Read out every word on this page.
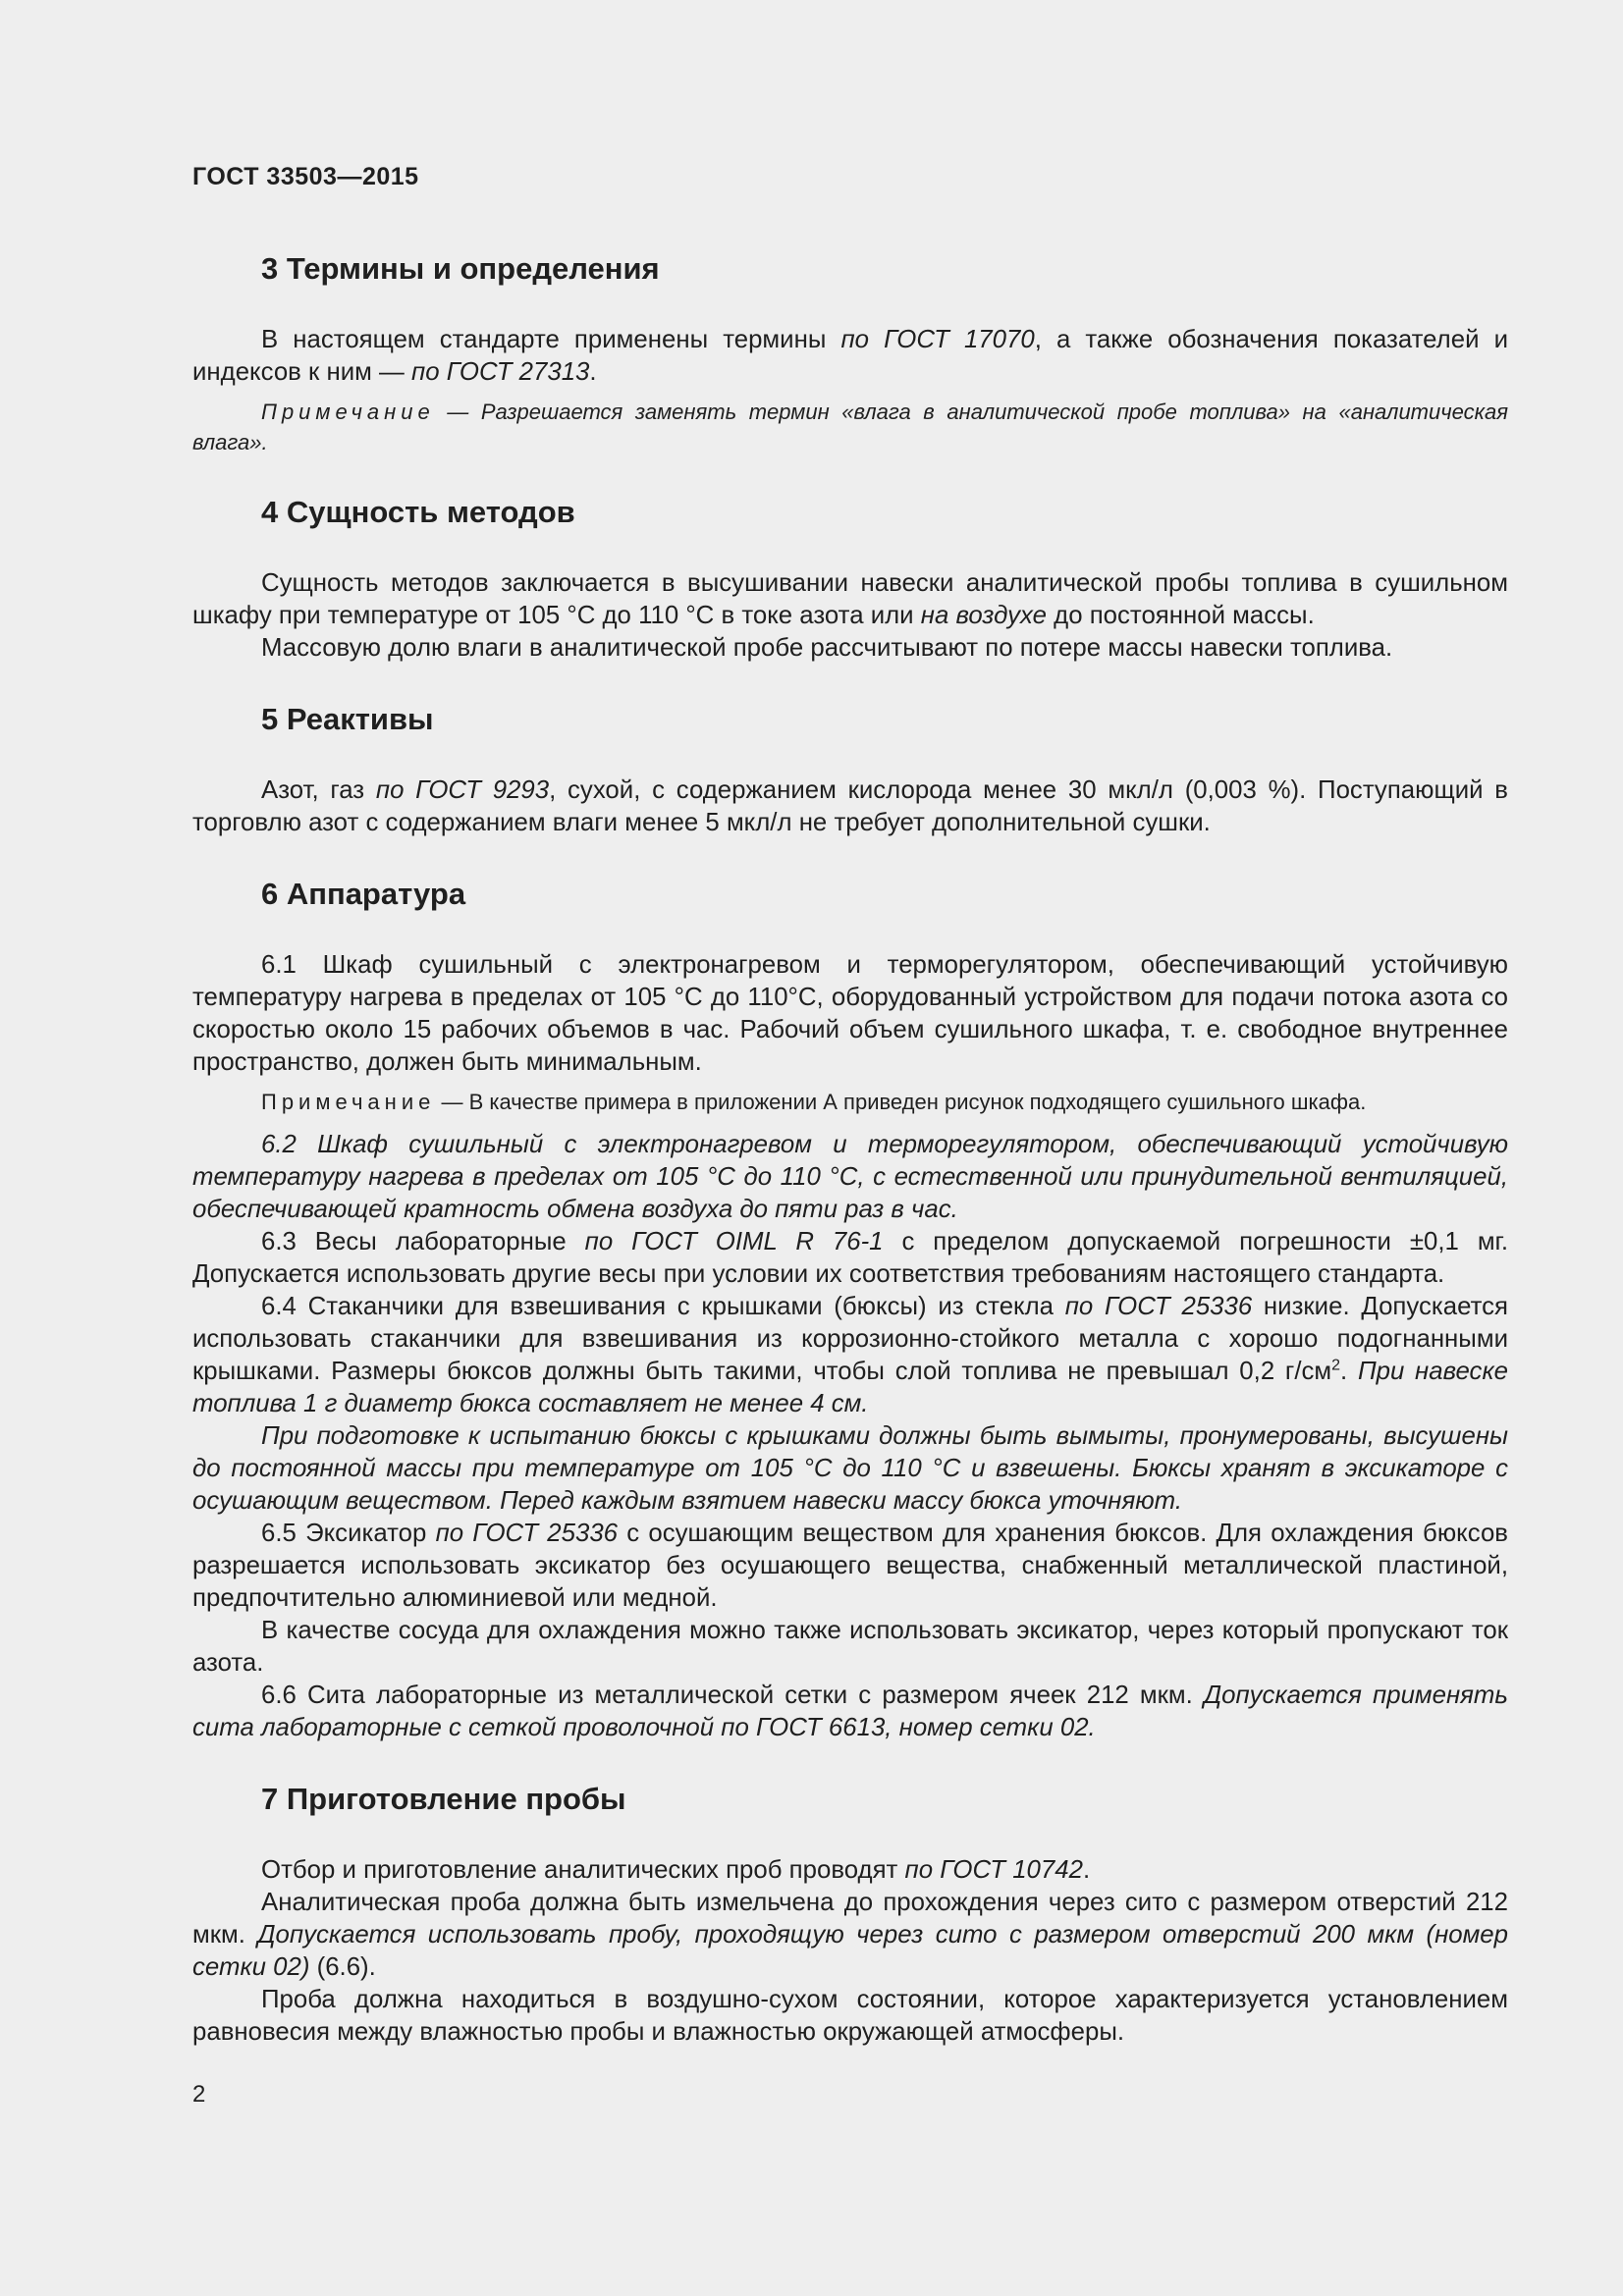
ГОСТ 33503—2015

3 Термины и определения

В настоящем стандарте применены термины по ГОСТ 17070, а также обозначения показателей и индексов к ним — по ГОСТ 27313.

Примечание — Разрешается заменять термин «влага в аналитической пробе топлива» на «аналитическая влага».

4 Сущность методов

Сущность методов заключается в высушивании навески аналитической пробы топлива в сушильном шкафу при температуре от 105 °С до 110 °С в токе азота или на воздухе до постоянной массы.

Массовую долю влаги в аналитической пробе рассчитывают по потере массы навески топлива.

5 Реактивы

Азот, газ по ГОСТ 9293, сухой, с содержанием кислорода менее 30 мкл/л (0,003 %). Поступающий в торговлю азот с содержанием влаги менее 5 мкл/л не требует дополнительной сушки.

6 Аппаратура

6.1 Шкаф сушильный с электронагревом и терморегулятором, обеспечивающий устойчивую температуру нагрева в пределах от 105 °С до 110°С, оборудованный устройством для подачи потока азота со скоростью около 15 рабочих объемов в час. Рабочий объем сушильного шкафа, т. е. свободное внутреннее пространство, должен быть минимальным.

Примечание — В качестве примера в приложении А приведен рисунок подходящего сушильного шкафа.

6.2 Шкаф сушильный с электронагревом и терморегулятором, обеспечивающий устойчивую температуру нагрева в пределах от 105 °С до 110 °С, с естественной или принудительной вентиляцией, обеспечивающей кратность обмена воздуха до пяти раз в час.

6.3 Весы лабораторные по ГОСТ OIML R 76-1 с пределом допускаемой погрешности ±0,1 мг. Допускается использовать другие весы при условии их соответствия требованиям настоящего стандарта.

6.4 Стаканчики для взвешивания с крышками (бюксы) из стекла по ГОСТ 25336 низкие. Допускается использовать стаканчики для взвешивания из коррозионно-стойкого металла с хорошо подогнанными крышками. Размеры бюксов должны быть такими, чтобы слой топлива не превышал 0,2 $г/см^2$. При навеске топлива 1 г диаметр бюкса составляет не менее 4 см.

При подготовке к испытанию бюксы с крышками должны быть вымыты, пронумерованы, высушены до постоянной массы при температуре от 105 °С до 110 °С и взвешены. Бюксы хранят в эксикаторе с осушающим веществом. Перед каждым взятием навески массу бюкса уточняют.

6.5 Эксикатор по ГОСТ 25336 с осушающим веществом для хранения бюксов. Для охлаждения бюксов разрешается использовать эксикатор без осушающего вещества, снабженный металлической пластиной, предпочтительно алюминиевой или медной.

В качестве сосуда для охлаждения можно также использовать эксикатор, через который пропускают ток азота.

6.6 Сита лабораторные из металлической сетки с размером ячеек 212 мкм. Допускается применять сита лабораторные с сеткой проволочной по ГОСТ 6613, номер сетки 02.

7 Приготовление пробы

Отбор и приготовление аналитических проб проводят по ГОСТ 10742.

Аналитическая проба должна быть измельчена до прохождения через сито с размером отверстий 212 мкм. Допускается использовать пробу, проходящую через сито с размером отверстий 200 мкм (номер сетки 02) (6.6).

Проба должна находиться в воздушно-сухом состоянии, которое характеризуется установлением равновесия между влажностью пробы и влажностью окружающей атмосферы.

2
